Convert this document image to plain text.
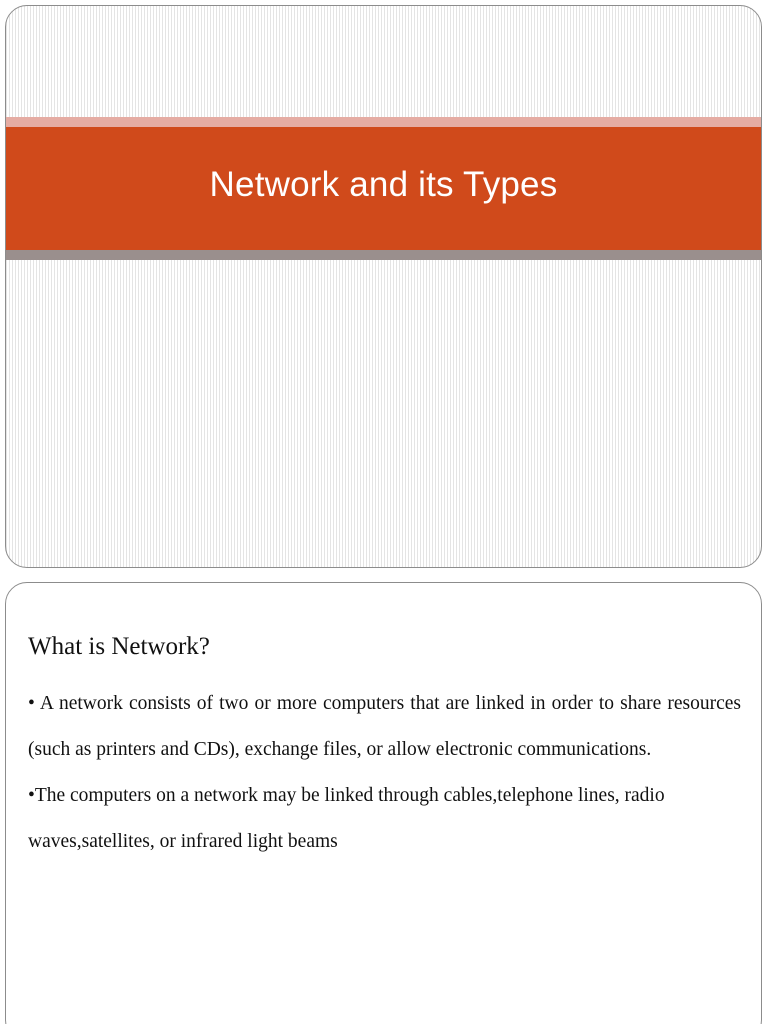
Network and its Types
What is Network?

• A network consists of two or more computers that are linked in order to share resources (such as printers and CDs), exchange files, or allow electronic communications.

•The computers on a network may be linked through cables,telephone lines, radio waves,satellites, or infrared light beams
